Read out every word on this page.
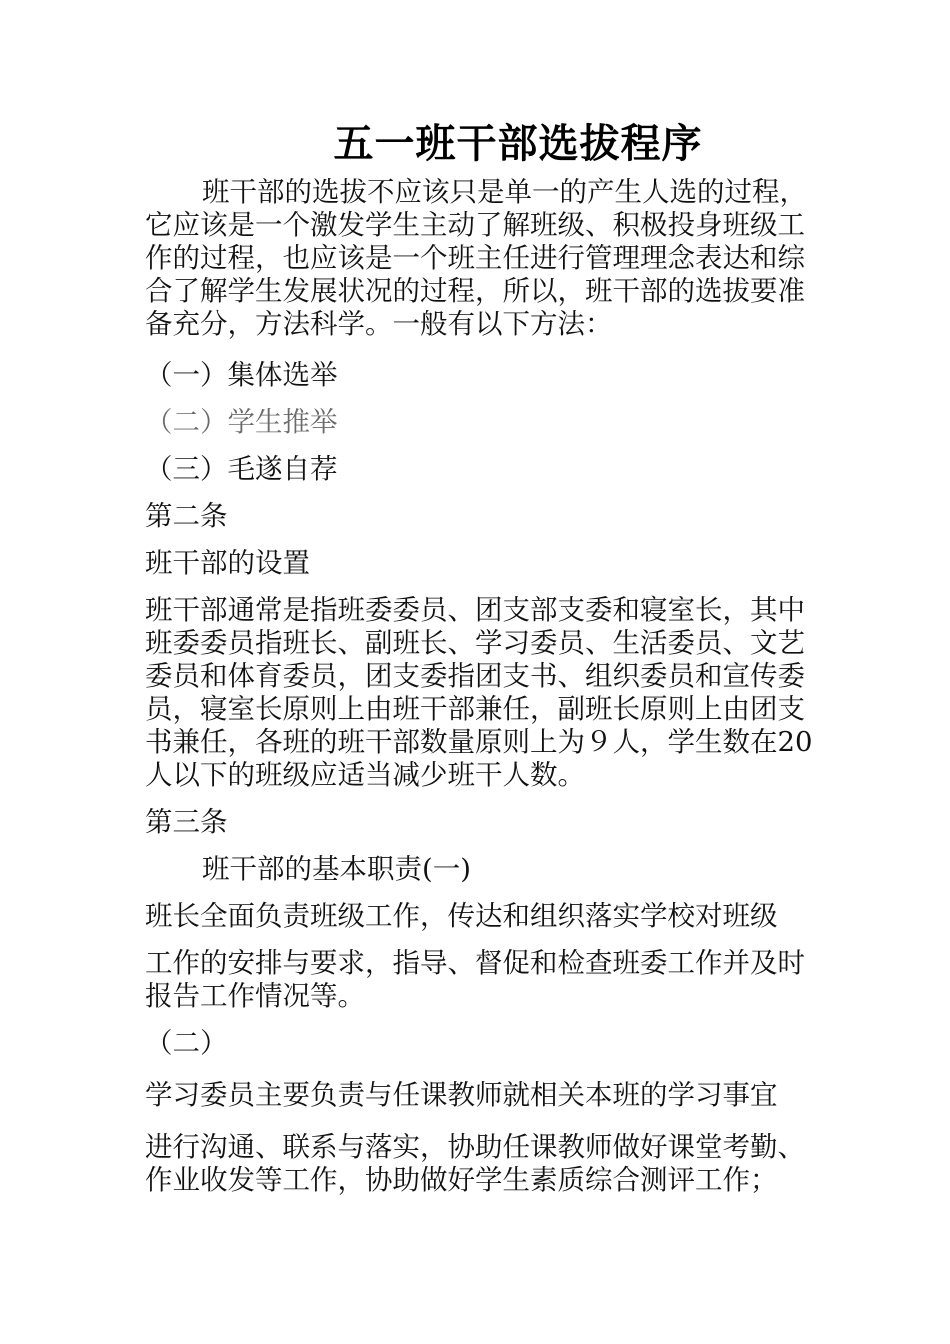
五一班干部选拔程序

班干部的选拔不应该只是单一的产生人选的过程，它应该是一个激发学生主动了解班级、积极投身班级工作的过程，也应该是一个班主任进行管理理念表达和综合了解学生发展状况的过程，所以，班干部的选拔要准备充分，方法科学。一般有以下方法：

（一）集体选举

（二）学生推举

（三）毛遂自荐

第二条

班干部的设置

班干部通常是指班委委员、团支部支委和寝室长，其中班委委员指班长、副班长、学习委员、生活委员、文艺委员和体育委员，团支委指团支书、组织委员和宣传委员，寝室长原则上由班干部兼任，副班长原则上由团支书兼任，各班的班干部数量原则上为９人，学生数在20人以下的班级应适当减少班干人数。

第三条

班干部的基本职责(一)

班长全面负责班级工作，传达和组织落实学校对班级

工作的安排与要求，指导、督促和检查班委工作并及时报告工作情况等。

（二）

学习委员主要负责与任课教师就相关本班的学习事宜

进行沟通、联系与落实，协助任课教师做好课堂考勤、作业收发等工作，协助做好学生素质综合测评工作；
